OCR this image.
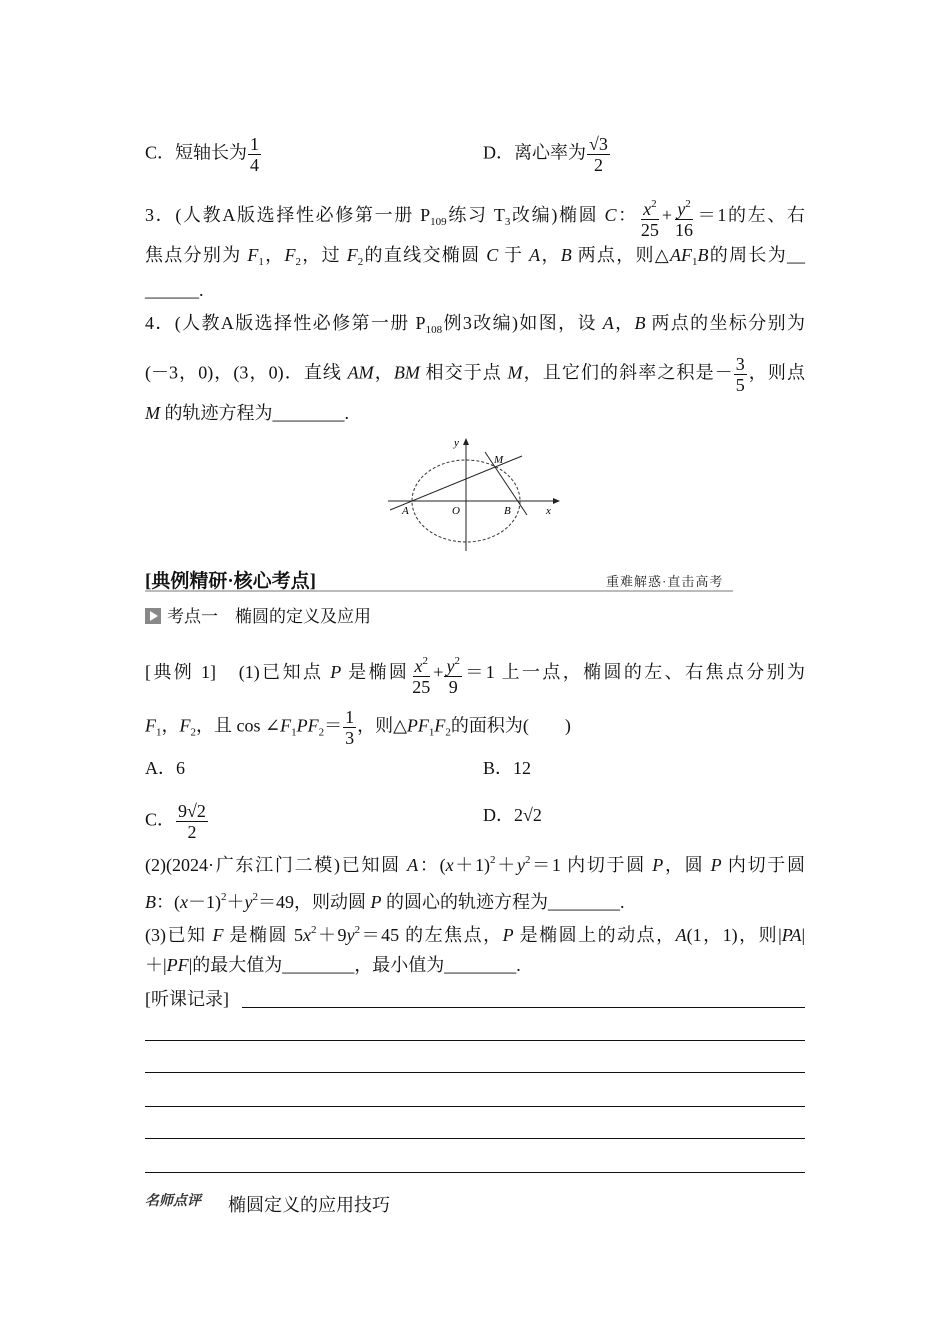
C．短轴长为 $\frac{1}{4}$	D．离心率为 $\frac{√3}{2}$
3．(人教A版选择性必修第一册 $P_{109}$练习 $T_3$改编)椭圆 C： $\frac{x^2}{25} + \frac{y^2}{16} =1$的左、右
焦点分别为 $F_1$，$F_2$，过 $F_2$的直线交椭圆 C 于 A，B 两点，则$\triangle AF_1B$的周长为__
______.
4．(人教A版选择性必修第一册 $P_{108}$例3改编)如图，设 A，B 两点的坐标分别为
(－3，0)，(3，0)．直线 AM，BM 相交于点 M，且它们的斜率之积是－ $\frac{3}{5}$ ，则点
M 的轨迹方程为________.
y
x
O
A	B
M
[典例精研·核心考点]	重难解惑·直击高考
考点一　椭圆的定义及应用
[典例 1]　(1)已知点 P 是椭圆 $\frac{x^2}{25} + \frac{y^2}{9} =1$ 上一点，椭圆的左、右焦点分别为
$F_1$，$F_2$，且 $\cos \angle F_1PF_2= \frac{1}{3}$ ，则$\triangle PF_1F_2$的面积为(　　)
A．6	B．12
C． $\frac{9√2}{2}$	D．2√2
(2)(2024·广东江门二模)已知圆 A：$(x+1)^2+y^2=1$ 内切于圆 P，圆 P 内切于圆
B：$(x-1)^2+y^2=49$，则动圆 P 的圆心的轨迹方程为________.
(3)已知 F 是椭圆 $5x^2+9y^2=45$ 的左焦点，P 是椭圆上的动点，A(1，1)，则|PA|
＋|PF|的最大值为________，最小值为________.
[听课记录]
名师点评 椭圆定义的应用技巧
